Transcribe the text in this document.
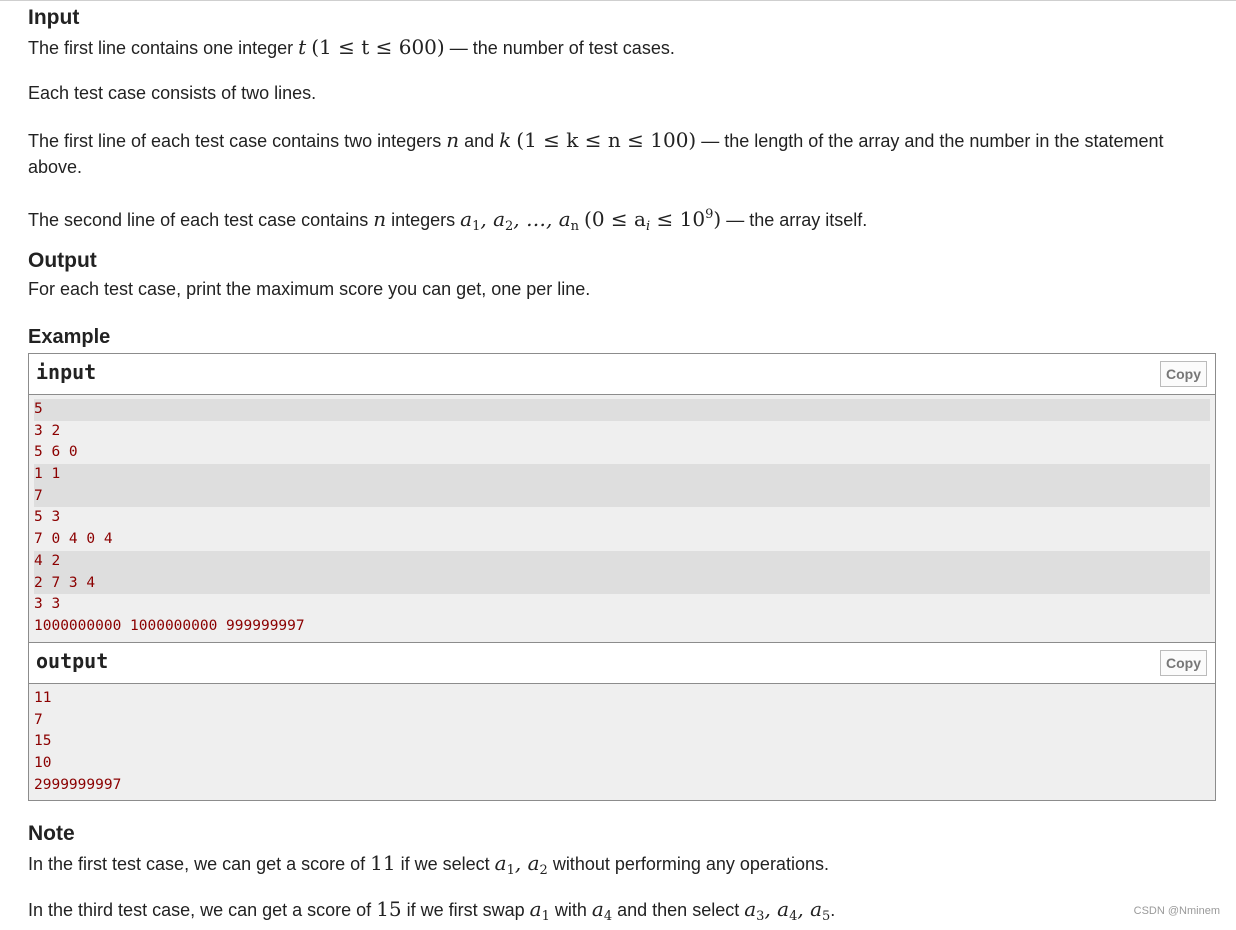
Input
The first line contains one integer t (1 ≤ t ≤ 600) — the number of test cases.
Each test case consists of two lines.
The first line of each test case contains two integers n and k (1 ≤ k ≤ n ≤ 100) — the length of the array and the number in the statement above.
The second line of each test case contains n integers $a_1$, $a_2$, …, $a_n$ $(0 \le a_i \le 10^9)$ — the array itself.
Output
For each test case, print the maximum score you can get, one per line.
Example
input	Copy
5
3 2
5 6 0
1 1
7
5 3
7 0 4 0 4
4 2
2 7 3 4
3 3
1000000000 1000000000 999999997
output	Copy
11
7
15
10
2999999997
Note
In the first test case, we can get a score of 11 if we select $a_1$, $a_2$ without performing any operations.
In the third test case, we can get a score of 15 if we first swap $a_1$ with $a_4$ and then select $a_3$, $a_4$, $a_5$.	CSDN @Nminem
